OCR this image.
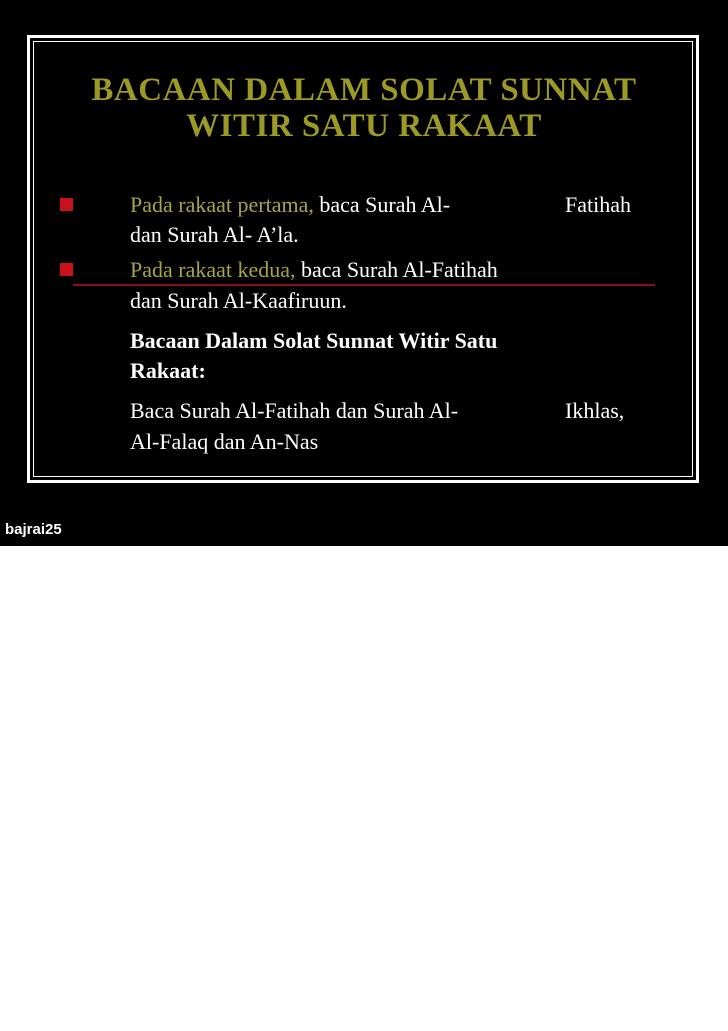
BACAAN DALAM SOLAT SUNNAT
WITIR SATU RAKAAT
Pada rakaat pertama, baca Surah Al-	Fatihah
dan Surah Al- A’la.
Pada rakaat kedua, baca Surah Al-Fatihah
dan Surah Al-Kaafiruun.
Bacaan Dalam Solat Sunnat Witir Satu
Rakaat:
Baca Surah Al-Fatihah dan Surah Al-	Ikhlas,
Al-Falaq dan An-Nas
bajrai25
